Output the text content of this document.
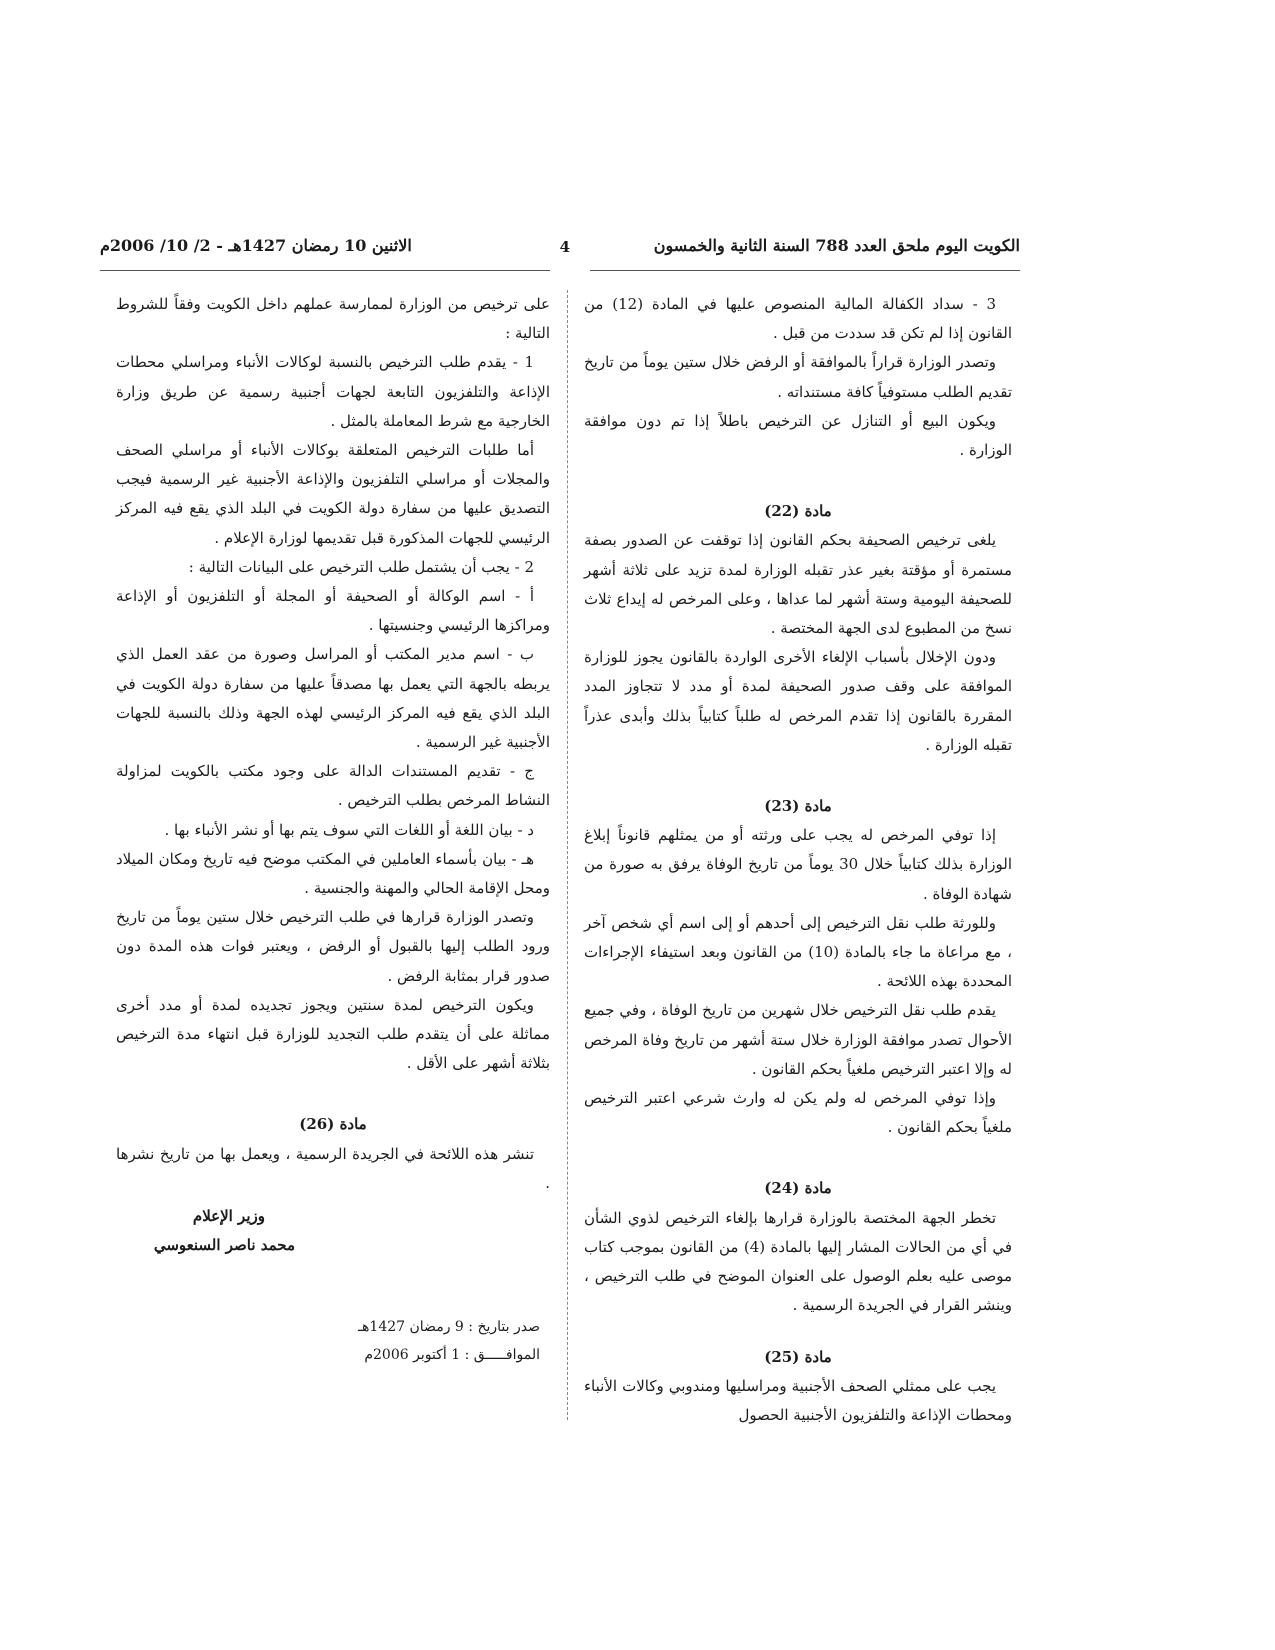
الكويت اليوم ملحق العدد 788 السنة الثانية والخمسون
4
الاثنين 10 رمضان 1427هـ - 2/ 10/ 2006م

3 - سداد الكفالة المالية المنصوص عليها في المادة (12) من القانون إذا لم تكن قد سددت من قبل .

وتصدر الوزارة قراراً بالموافقة أو الرفض خلال ستين يوماً من تاريخ تقديم الطلب مستوفياً كافة مستنداته .

ويكون البيع أو التنازل عن الترخيص باطلاً إذا تم دون موافقة الوزارة .

مادة (22)

يلغى ترخيص الصحيفة بحكم القانون إذا توقفت عن الصدور بصفة مستمرة أو مؤقتة بغير عذر تقبله الوزارة لمدة تزيد على ثلاثة أشهر للصحيفة اليومية وستة أشهر لما عداها ، وعلى المرخص له إيداع ثلاث نسخ من المطبوع لدى الجهة المختصة .

ودون الإخلال بأسباب الإلغاء الأخرى الواردة بالقانون يجوز للوزارة الموافقة على وقف صدور الصحيفة لمدة أو مدد لا تتجاوز المدد المقررة بالقانون إذا تقدم المرخص له طلباً كتابياً بذلك وأبدى عذراً تقبله الوزارة .

مادة (23)

إذا توفي المرخص له يجب على ورثته أو من يمثلهم قانوناً إبلاغ الوزارة بذلك كتابياً خلال 30 يوماً من تاريخ الوفاة يرفق به صورة من شهادة الوفاة .

وللورثة طلب نقل الترخيص إلى أحدهم أو إلى اسم أي شخص آخر ، مع مراعاة ما جاء بالمادة (10) من القانون وبعد استيفاء الإجراءات المحددة بهذه اللائحة .

يقدم طلب نقل الترخيص خلال شهرين من تاريخ الوفاة ، وفي جميع الأحوال تصدر موافقة الوزارة خلال ستة أشهر من تاريخ وفاة المرخص له وإلا اعتبر الترخيص ملغياً بحكم القانون .

وإذا توفي المرخص له ولم يكن له وارث شرعي اعتبر الترخيص ملغياً بحكم القانون .

مادة (24)

تخطر الجهة المختصة بالوزارة قرارها بإلغاء الترخيص لذوي الشأن في أي من الحالات المشار إليها بالمادة (4) من القانون بموجب كتاب موصى عليه بعلم الوصول على العنوان الموضح في طلب الترخيص ، وينشر القرار في الجريدة الرسمية .

مادة (25)

يجب على ممثلي الصحف الأجنبية ومراسليها ومندوبي وكالات الأنباء ومحطات الإذاعة والتلفزيون الأجنبية الحصول

على ترخيص من الوزارة لممارسة عملهم داخل الكويت وفقاً للشروط التالية :

1 - يقدم طلب الترخيص بالنسبة لوكالات الأنباء ومراسلي محطات الإذاعة والتلفزيون التابعة لجهات أجنبية رسمية عن طريق وزارة الخارجية مع شرط المعاملة بالمثل .

أما طلبات الترخيص المتعلقة بوكالات الأنباء أو مراسلي الصحف والمجلات أو مراسلي التلفزيون والإذاعة الأجنبية غير الرسمية فيجب التصديق عليها من سفارة دولة الكويت في البلد الذي يقع فيه المركز الرئيسي للجهات المذكورة قبل تقديمها لوزارة الإعلام .

2 - يجب أن يشتمل طلب الترخيص على البيانات التالية :

أ - اسم الوكالة أو الصحيفة أو المجلة أو التلفزيون أو الإذاعة ومراكزها الرئيسي وجنسيتها .

ب - اسم مدير المكتب أو المراسل وصورة من عقد العمل الذي يربطه بالجهة التي يعمل بها مصدقاً عليها من سفارة دولة الكويت في البلد الذي يقع فيه المركز الرئيسي لهذه الجهة وذلك بالنسبة للجهات الأجنبية غير الرسمية .

ج - تقديم المستندات الدالة على وجود مكتب بالكويت لمزاولة النشاط المرخص بطلب الترخيص .

د - بيان اللغة أو اللغات التي سوف يتم بها أو نشر الأنباء بها .

هـ - بيان بأسماء العاملين في المكتب موضح فيه تاريخ ومكان الميلاد ومحل الإقامة الحالي والمهنة والجنسية .

وتصدر الوزارة قرارها في طلب الترخيص خلال ستين يوماً من تاريخ ورود الطلب إليها بالقبول أو الرفض ، ويعتبر فوات هذه المدة دون صدور قرار بمثابة الرفض .

ويكون الترخيص لمدة سنتين ويجوز تجديده لمدة أو مدد أخرى مماثلة على أن يتقدم طلب التجديد للوزارة قبل انتهاء مدة الترخيص بثلاثة أشهر على الأقل .

مادة (26)

تنشر هذه اللائحة في الجريدة الرسمية ، ويعمل بها من تاريخ نشرها .

وزير الإعلام
محمد ناصر السنعوسي
صدر بتاريخ : 9 رمضان 1427هـ
الموافـــــق : 1 أكتوبر 2006م
